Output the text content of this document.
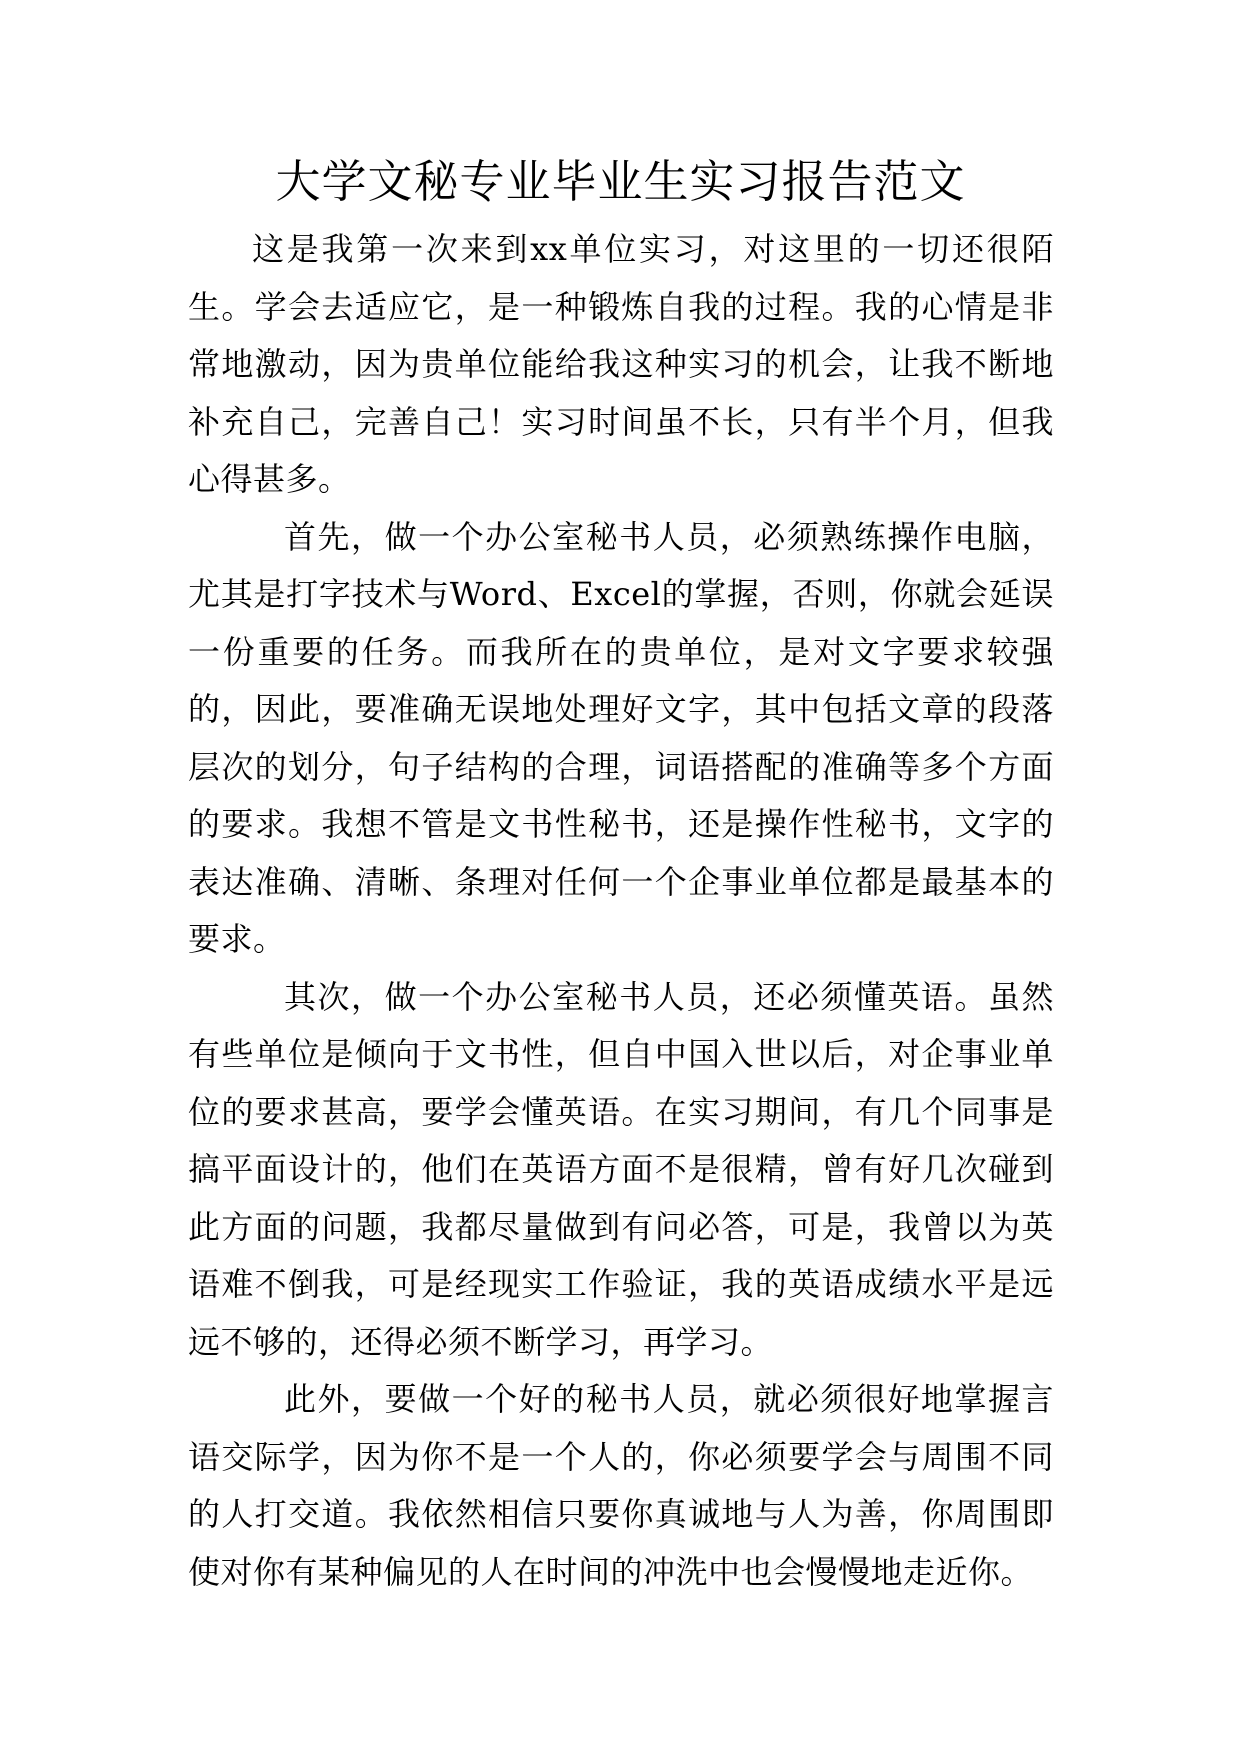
大学文秘专业毕业生实习报告范文

这是我第一次来到xx单位实习，对这里的一切还很陌生。学会去适应它，是一种锻炼自我的过程。我的心情是非常地激动，因为贵单位能给我这种实习的机会，让我不断地补充自己，完善自己！实习时间虽不长，只有半个月，但我心得甚多。

首先，做一个办公室秘书人员，必须熟练操作电脑，尤其是打字技术与Word、Excel的掌握，否则，你就会延误一份重要的任务。而我所在的贵单位，是对文字要求较强的，因此，要准确无误地处理好文字，其中包括文章的段落层次的划分，句子结构的合理，词语搭配的准确等多个方面的要求。我想不管是文书性秘书，还是操作性秘书，文字的表达准确、清晰、条理对任何一个企事业单位都是最基本的要求。

其次，做一个办公室秘书人员，还必须懂英语。虽然有些单位是倾向于文书性，但自中国入世以后，对企事业单位的要求甚高，要学会懂英语。在实习期间，有几个同事是搞平面设计的，他们在英语方面不是很精，曾有好几次碰到此方面的问题，我都尽量做到有问必答，可是，我曾以为英语难不倒我，可是经现实工作验证，我的英语成绩水平是远远不够的，还得必须不断学习，再学习。

此外，要做一个好的秘书人员，就必须很好地掌握言语交际学，因为你不是一个人的，你必须要学会与周围不同的人打交道。我依然相信只要你真诚地与人为善，你周围即使对你有某种偏见的人在时间的冲洗中也会慢慢地走近你。
